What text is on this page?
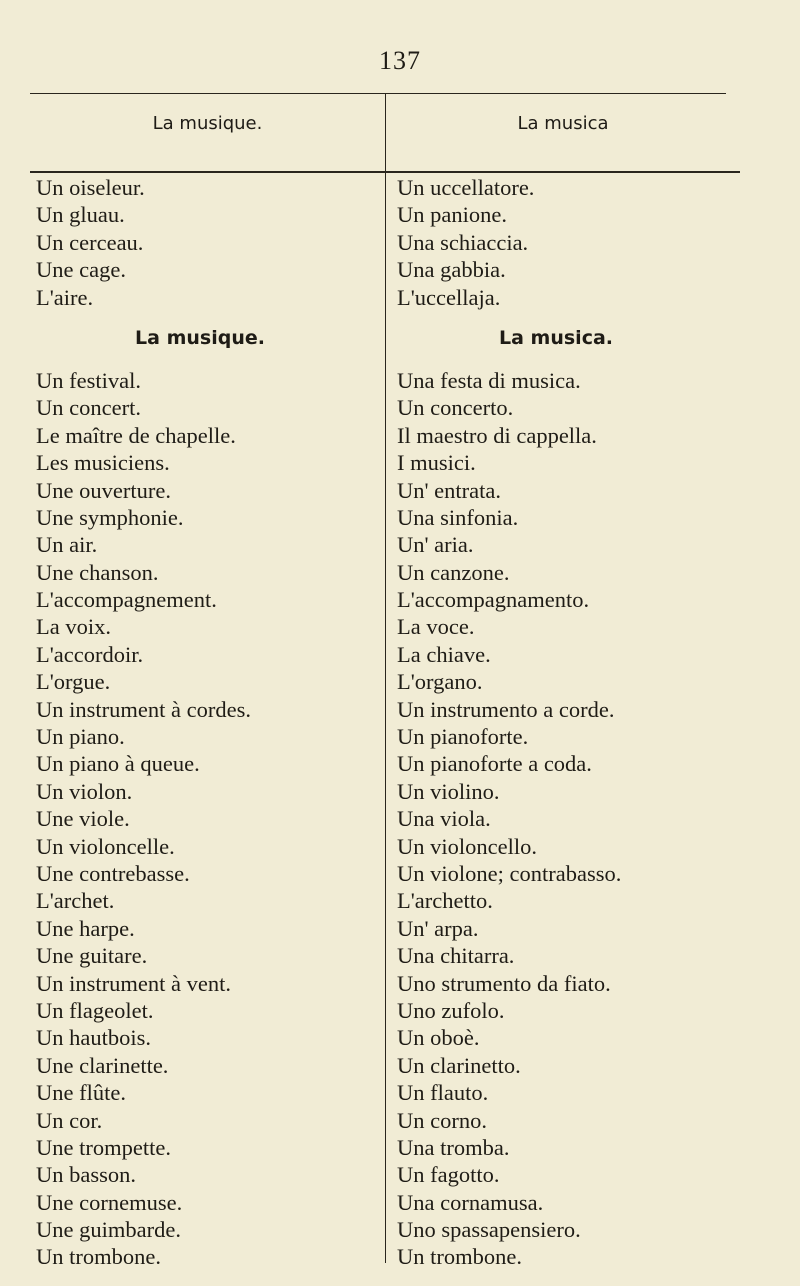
137
La musique.	La musica
Un oiseleur.
Un gluau.
Un cerceau.
Une cage.
L'aire.
La musique.
Un festival.
Un concert.
Le maître de chapelle.
Les musiciens.
Une ouverture.
Une symphonie.
Un air.
Une chanson.
L'accompagnement.
La voix.
L'accordoir.
L'orgue.
Un instrument à cordes.
Un piano.
Un piano à queue.
Un violon.
Une viole.
Un violoncelle.
Une contrebasse.
L'archet.
Une harpe.
Une guitare.
Un instrument à vent.
Un flageolet.
Un hautbois.
Une clarinette.
Une flûte.
Un cor.
Une trompette.
Un basson.
Une cornemuse.
Une guimbarde.
Un trombone.
Un uccellatore.
Un panione.
Una schiaccia.
Una gabbia.
L'uccellaja.
La musica.
Una festa di musica.
Un concerto.
Il maestro di cappella.
I musici.
Un' entrata.
Una sinfonia.
Un' aria.
Un canzone.
L'accompagnamento.
La voce.
La chiave.
L'organo.
Un instrumento a corde.
Un pianoforte.
Un pianoforte a coda.
Un violino.
Una viola.
Un violoncello.
Un violone; contrabasso.
L'archetto.
Un' arpa.
Una chitarra.
Uno strumento da fiato.
Uno zufolo.
Un oboè.
Un clarinetto.
Un flauto.
Un corno.
Una tromba.
Un fagotto.
Una cornamusa.
Uno spassapensiero.
Un trombone.
